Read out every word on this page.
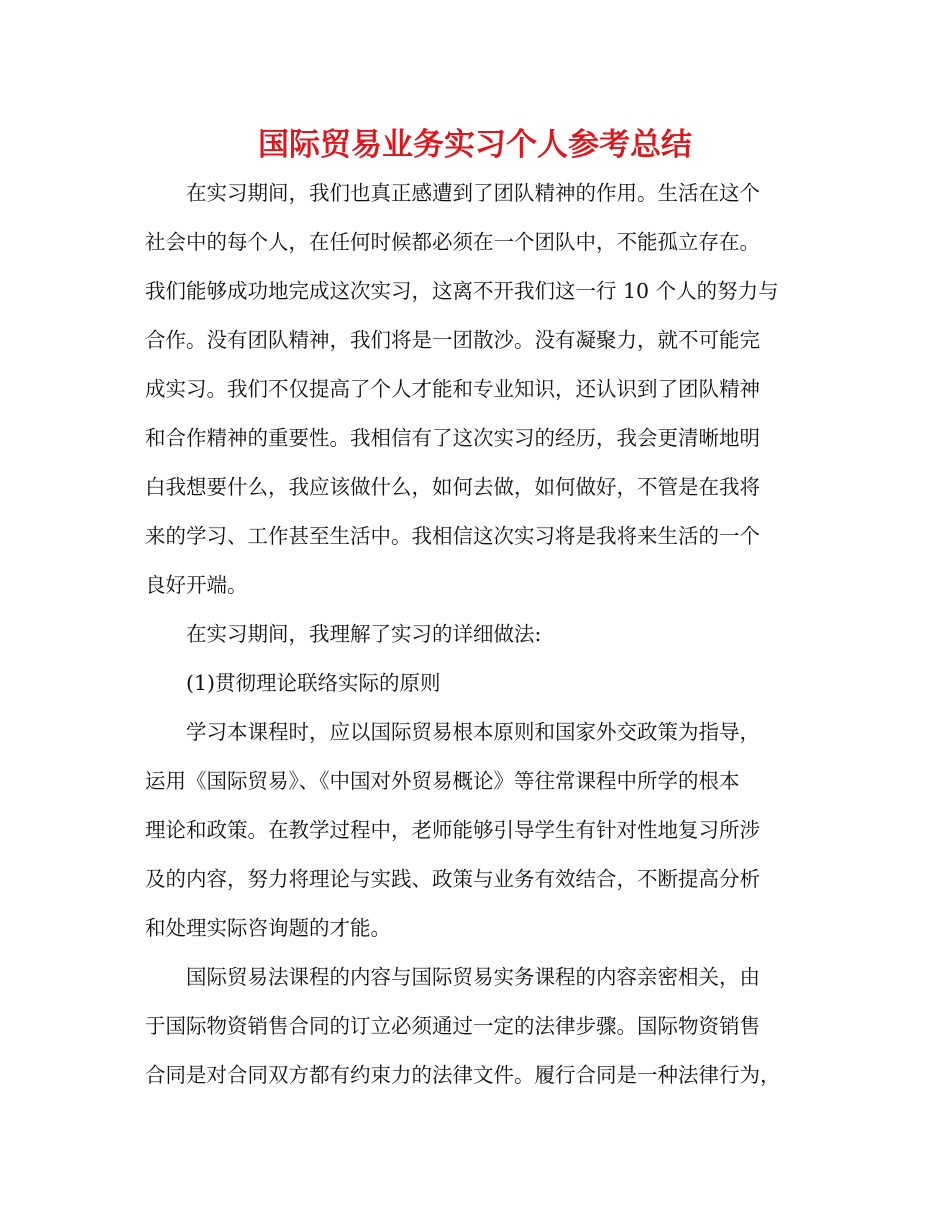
国际贸易业务实习个人参考总结
在实习期间，我们也真正感遭到了团队精神的作用。生活在这个
社会中的每个人，在任何时候都必须在一个团队中，不能孤立存在。
我们能够成功地完成这次实习，这离不开我们这一行 10 个人的努力与
合作。没有团队精神，我们将是一团散沙。没有凝聚力，就不可能完
成实习。我们不仅提高了个人才能和专业知识，还认识到了团队精神
和合作精神的重要性。我相信有了这次实习的经历，我会更清晰地明
白我想要什么，我应该做什么，如何去做，如何做好，不管是在我将
来的学习、工作甚至生活中。我相信这次实习将是我将来生活的一个
良好开端。
在实习期间，我理解了实习的详细做法:
(1)贯彻理论联络实际的原则
学习本课程时，应以国际贸易根本原则和国家外交政策为指导，
运用《国际贸易》、《中国对外贸易概论》等往常课程中所学的根本
理论和政策。在教学过程中，老师能够引导学生有针对性地复习所涉
及的内容，努力将理论与实践、政策与业务有效结合，不断提高分析
和处理实际咨询题的才能。
国际贸易法课程的内容与国际贸易实务课程的内容亲密相关，由
于国际物资销售合同的订立必须通过一定的法律步骤。国际物资销售
合同是对合同双方都有约束力的法律文件。履行合同是一种法律行为，
